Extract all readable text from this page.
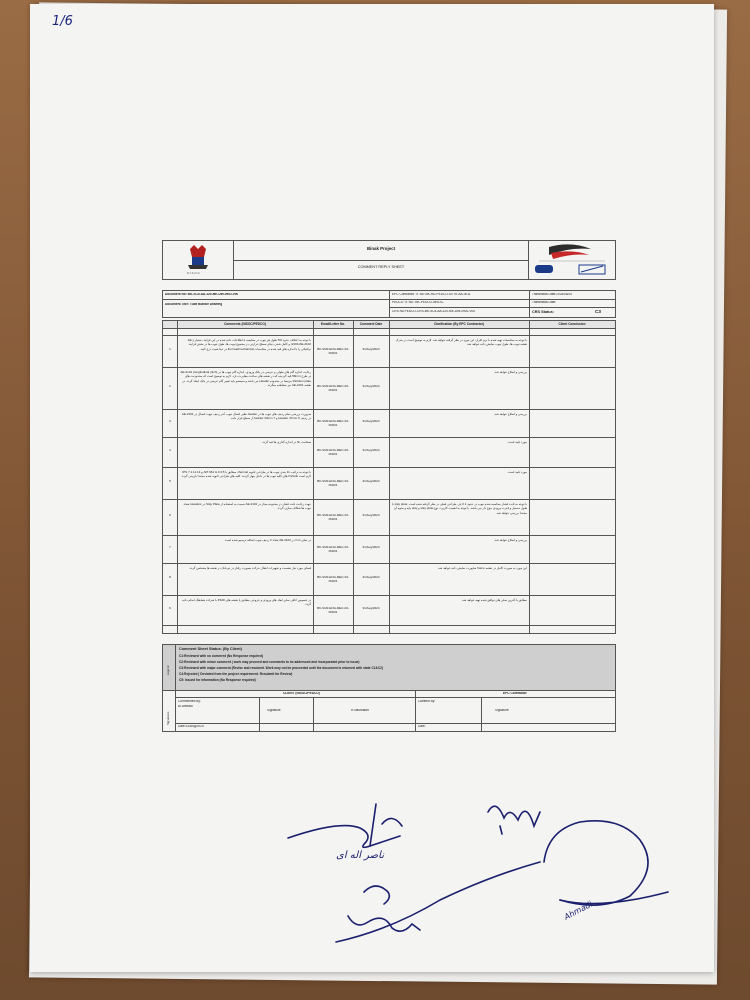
1/6
N.I.S.O.C
Binak Project
COMMENT REPLY SHEET
Document No: BK-SC5-AA-120-ME-DW-0902-v00
Document Title: Tube Bundle Drawing
EPC Contractor Tr. No: BK-HD-PEDCO-SVTR-AA-0011
PEDCO Tr. No.: BK-PEDCO-NISOC-
CRS No.PEDCO-CRS-BK-SC5-AA-120-ME-DW-0902-V00
Transmittal Date:2024/08/20
Transmittal Date:
CRS Status:	C3
Comments (NISOC/PEDCO)	Email/Letter No.	Comment Date	Clarification (By EPC Contractor)	Client Conclusion
1
با توجه به اختلاف حدود %5 طول هر تیوب در مقایسه با اطلاعات داده شده در این فرایند دستیار (AE-2101/AE-2102) و کامل شدن دیتای سطح حرارتی در مجموع تیوب ها، طول تیوب ها در بخش فرایند ترافیکی را با اندازه های قید شده در محاسبات thermal/mechanical در دیتا شیت درج کنید.	BK-SUR-ENG-MEC-03-0N001
31/Aug/2024
با توجه به محاسبات تهیه شده با نرم افزار، این مورد در نظر گرفته خواهد شد. لازم به توضیح است در مدرک نقشه تیوب ها، طول تیوب نمایش داده خواهد شد.
2
رعایت اندازه گام های طولی و عرضی در بانک ورودی، اندازه گام تیوب ها در AE-2101 (longitudinal pitch) در طرح 58mm قید گردیده که در نقشه های ساخت مغایرت دارد. لازم به توضیح است که محدودیت های Partition plate مرتبط در محدوده Header می باشد و سیستم باید تغییر گام عرضی در بانک ایجاد گردد. در نقشه AE-2101 نیز مشاهده میگردد.	BK-SUR-ENG-MEC-03-0N001
31/Aug/2024
بررسی و اصلاح خواهد شد.
3
ضرورت بررسی تمام ردیف های تیوب ها در header نظیر اتصال تیوب آخر ردیف جهت اتصال در AE-2101 در ردیف 5 Header 47mm و 7 header 43mm از سطح فرار داده
BK-SUR-ENG-MEC-03-0N001
31/Aug/2024
بررسی و اصلاح خواهد شد.
4
ضخامت fin در اندازه گذاری ها قید گردد.
BK-SUR-ENG-MEC-03-0N001
31/Aug/2024
مورد تایید است.
5
با توجه به ترکیب 11 بندی تیوب ها در طراحی ثانویه thermal، مطابق با API 661 & 3.3.5 و IPS 7.1.11.13 لازم است fin/tank های کلیه تیوب ها در داخل مهار گردند. کلیه های طراحی ثانویه شده مجددا بازبینی گردد.
BK-SUR-ENG-MEC-03-0N001
31/Aug/2024
مورد تایید است.
6
جهت رعایت ثابت فشار در محدوده مجاز در AE-2102 نسبت به استفاده از Stay Plate در Headers تعداد تیوب ها شکاف سازی گردد.
BK-SUR-ENG-MEC-03-0N001
31/Aug/2024
با توجه به ثابت فشار محاسبه شده تیوب در حدود 0.1 بار، طراحی فعلی در نظر گرفته شده است. stay plate با طول دستیار و قدرت ورودی موج دار می باشد. با توجه به اهمیت کاربرد، نوع stay plate و stay پایه و نحوه آن مجددا بررسی خواهد شد.
7
در نمای C-C در AE-2102 تعداد 3 ردیف تیوب اضافه ترسیم شده است.
BK-SUR-ENG-MEC-03-0N001
31/Aug/2024
بررسی و اصلاح خواهد شد.
8
فضای مورد نیاز نشست و تجهیزات انتقال حرکت بصورت رقتار در دو بانک در نقشه ها مشخص گردد.
BK-SUR-ENG-MEC-03-0N001
31/Aug/2024
این مورد به صورت کامل در نقشه frame ساپورت نمایش داده خواهد شد.
9
در خصوص اتاقی سایر ابعاد های ورودی و خروجی مطابق با نقشه های P&ID با شرکت هماهنگ انجام داده گردد.
BK-SUR-ENG-MEC-03-0N001
31/Aug/2024
مطابق با آخرین سایز های توافق شده تهیه خواهد شد.
Legend
Comment Sheet Status: (By Client)
C1:Reviewed with no comment (No Response required)
C2:Reviewed with minor comment ( work may proceed and comments to be addressed and incorporated prior to issue)
C3:Reviewed with major comment (Revise and resubmit. Work may not be proceeded until the document is returned with state C1&C2)
C4:Rejected ( Deviated from the project requirement. Resubmit for Review)
C5: Issued for information (No Response required)
Signatures
CLIENT (NISOC/PEDCO)	EPC Contractor
Commented By:
Al.Ahmadi
Date:31/Aug/2024
Signature	H.Nasrolaahi
Clarified By:
Date:
Signature
ناصر اله ای
Ahmadi
